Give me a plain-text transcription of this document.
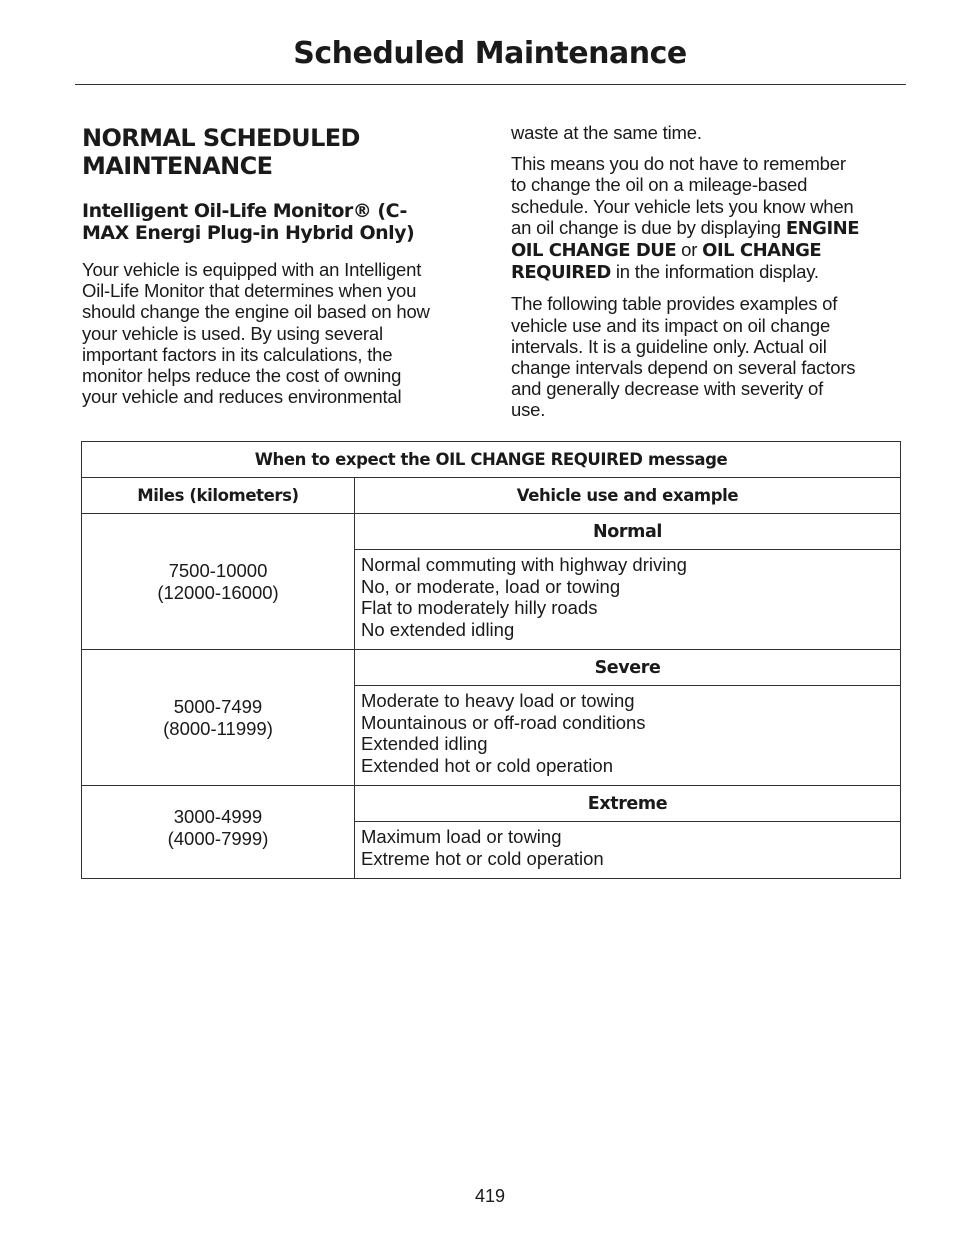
Scheduled Maintenance
NORMAL SCHEDULED
MAINTENANCE
Intelligent Oil-Life Monitor® (C-
MAX Energi Plug-in Hybrid Only)

Your vehicle is equipped with an Intelligent
Oil-Life Monitor that determines when you
should change the engine oil based on how
your vehicle is used. By using several
important factors in its calculations, the
monitor helps reduce the cost of owning
your vehicle and reduces environmental

waste at the same time.

This means you do not have to remember
to change the oil on a mileage-based
schedule. Your vehicle lets you know when
an oil change is due by displaying ENGINE
OIL CHANGE DUE or OIL CHANGE
REQUIRED in the information display.

The following table provides examples of
vehicle use and its impact on oil change
intervals. It is a guideline only. Actual oil
change intervals depend on several factors
and generally decrease with severity of
use.

When to expect the OIL CHANGE REQUIRED message	
Miles (kilometers)	Vehicle use and example

7500-10000
(12000-16000)	Normal

	Normal commuting with highway driving
No, or moderate, load or towing
Flat to moderately hilly roads
No extended idling

5000-7499
(8000-11999)	Severe

	Moderate to heavy load or towing
Mountainous or off-road conditions
Extended idling
Extended hot or cold operation

3000-4999
(4000-7999)	Extreme

	Maximum load or towing
Extreme hot or cold operation
419
